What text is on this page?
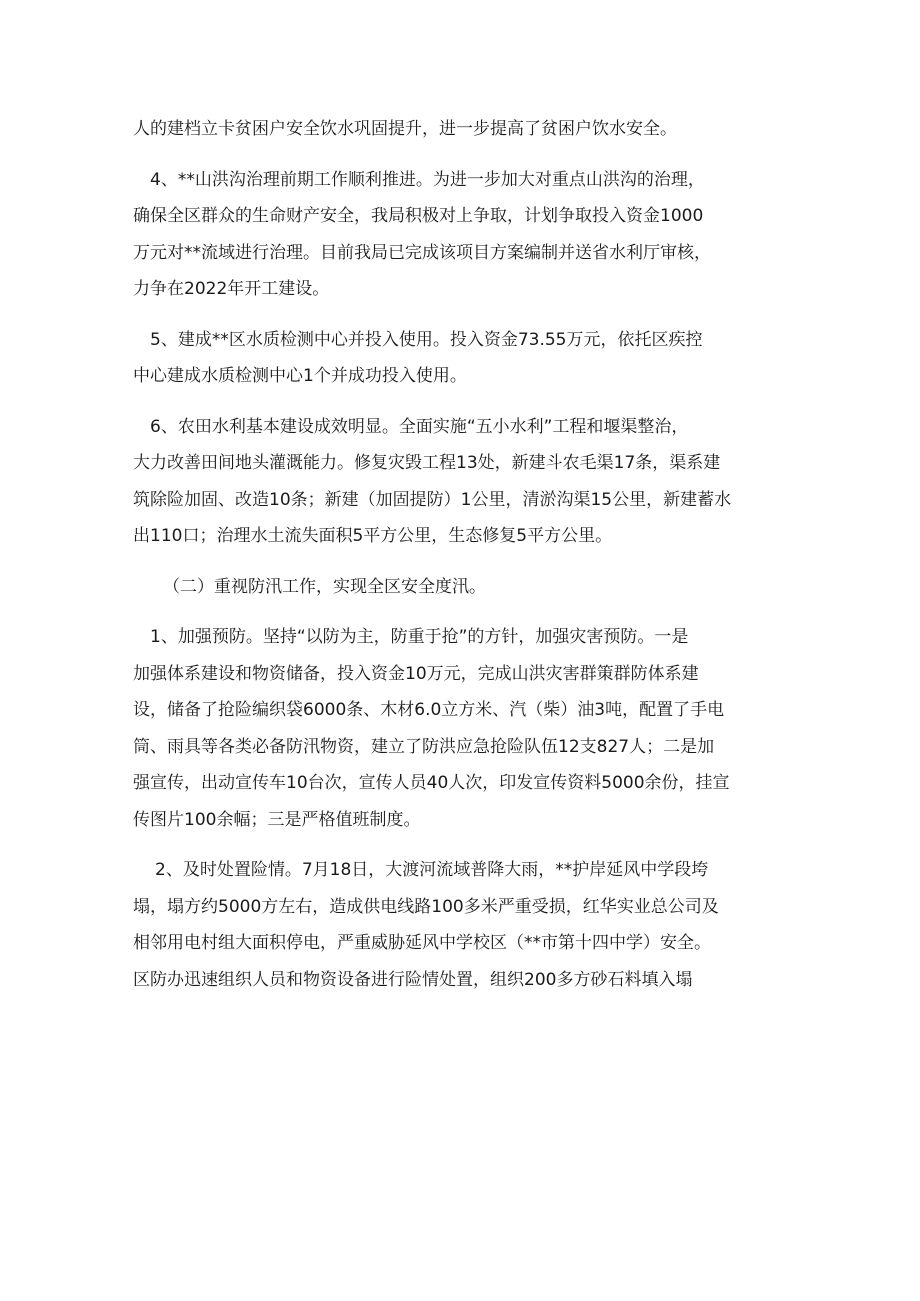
人的建档立卡贫困户安全饮水巩固提升，进一步提高了贫困户饮水安全。
4、**山洪沟治理前期工作顺利推进。为进一步加大对重点山洪沟的治理，
确保全区群众的生命财产安全，我局积极对上争取，计划争取投入资金1000
万元对**流域进行治理。目前我局已完成该项目方案编制并送省水利厅审核，
力争在2022年开工建设。
5、建成**区水质检测中心并投入使用。投入资金73.55万元，依托区疾控
中心建成水质检测中心1个并成功投入使用。
6、农田水利基本建设成效明显。全面实施“五小水利”工程和堰渠整治，
大力改善田间地头灌溉能力。修复灾毁工程13处，新建斗农毛渠17条，渠系建
筑除险加固、改造10条；新建（加固提防）1公里，清淤沟渠15公里，新建蓄水
出110口；治理水土流失面积5平方公里，生态修复5平方公里。
（二）重视防汛工作，实现全区安全度汛。
1、加强预防。坚持“以防为主，防重于抢”的方针，加强灾害预防。一是
加强体系建设和物资储备，投入资金10万元，完成山洪灾害群策群防体系建
设，储备了抢险编织袋6000条、木材6.0立方米、汽（柴）油3吨，配置了手电
筒、雨具等各类必备防汛物资，建立了防洪应急抢险队伍12支827人；二是加
强宣传，出动宣传车10台次，宣传人员40人次，印发宣传资料5000余份，挂宣
传图片100余幅；三是严格值班制度。
2、及时处置险情。7月18日，大渡河流域普降大雨，**护岸延风中学段垮
塌，塌方约5000方左右，造成供电线路100多米严重受损，红华实业总公司及
相邻用电村组大面积停电，严重威胁延风中学校区（**市第十四中学）安全。
区防办迅速组织人员和物资设备进行险情处置，组织200多方砂石料填入塌
